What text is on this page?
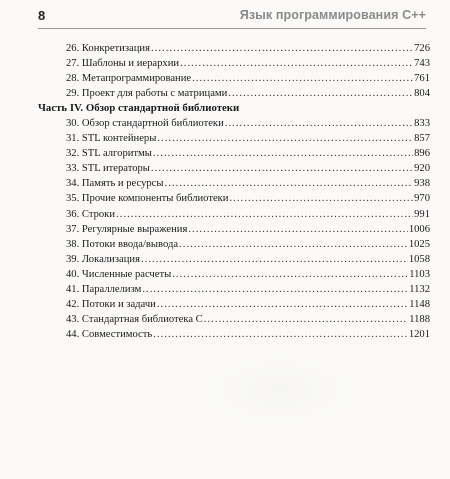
8	Язык программирования С++
26. Конкретизация . . .	726
27. Шаблоны и иерархии . . .	743
28. Метапрограммирование . . .	761
29. Проект для работы с матрицами . . .	804
Часть IV. Обзор стандартной библиотеки
30. Обзор стандартной библиотеки . . .	833
31. STL контейнеры . . .	857
32. STL алгоритмы . . .	896
33. STL итераторы . . .	920
34. Память и ресурсы . . .	938
35. Прочие компоненты библиотеки . . .	970
36. Строки . . .	991
37. Регулярные выражения . . .	1006
38. Потоки ввода/вывода . . .	1025
39. Локализация . . .	1058
40. Численные расчеты . . .	1103
41. Параллелизм . . .	1132
42. Потоки и задачи . . .	1148
43. Стандартная библиотека С . . .	1188
44. Совместимость . . .	1201
